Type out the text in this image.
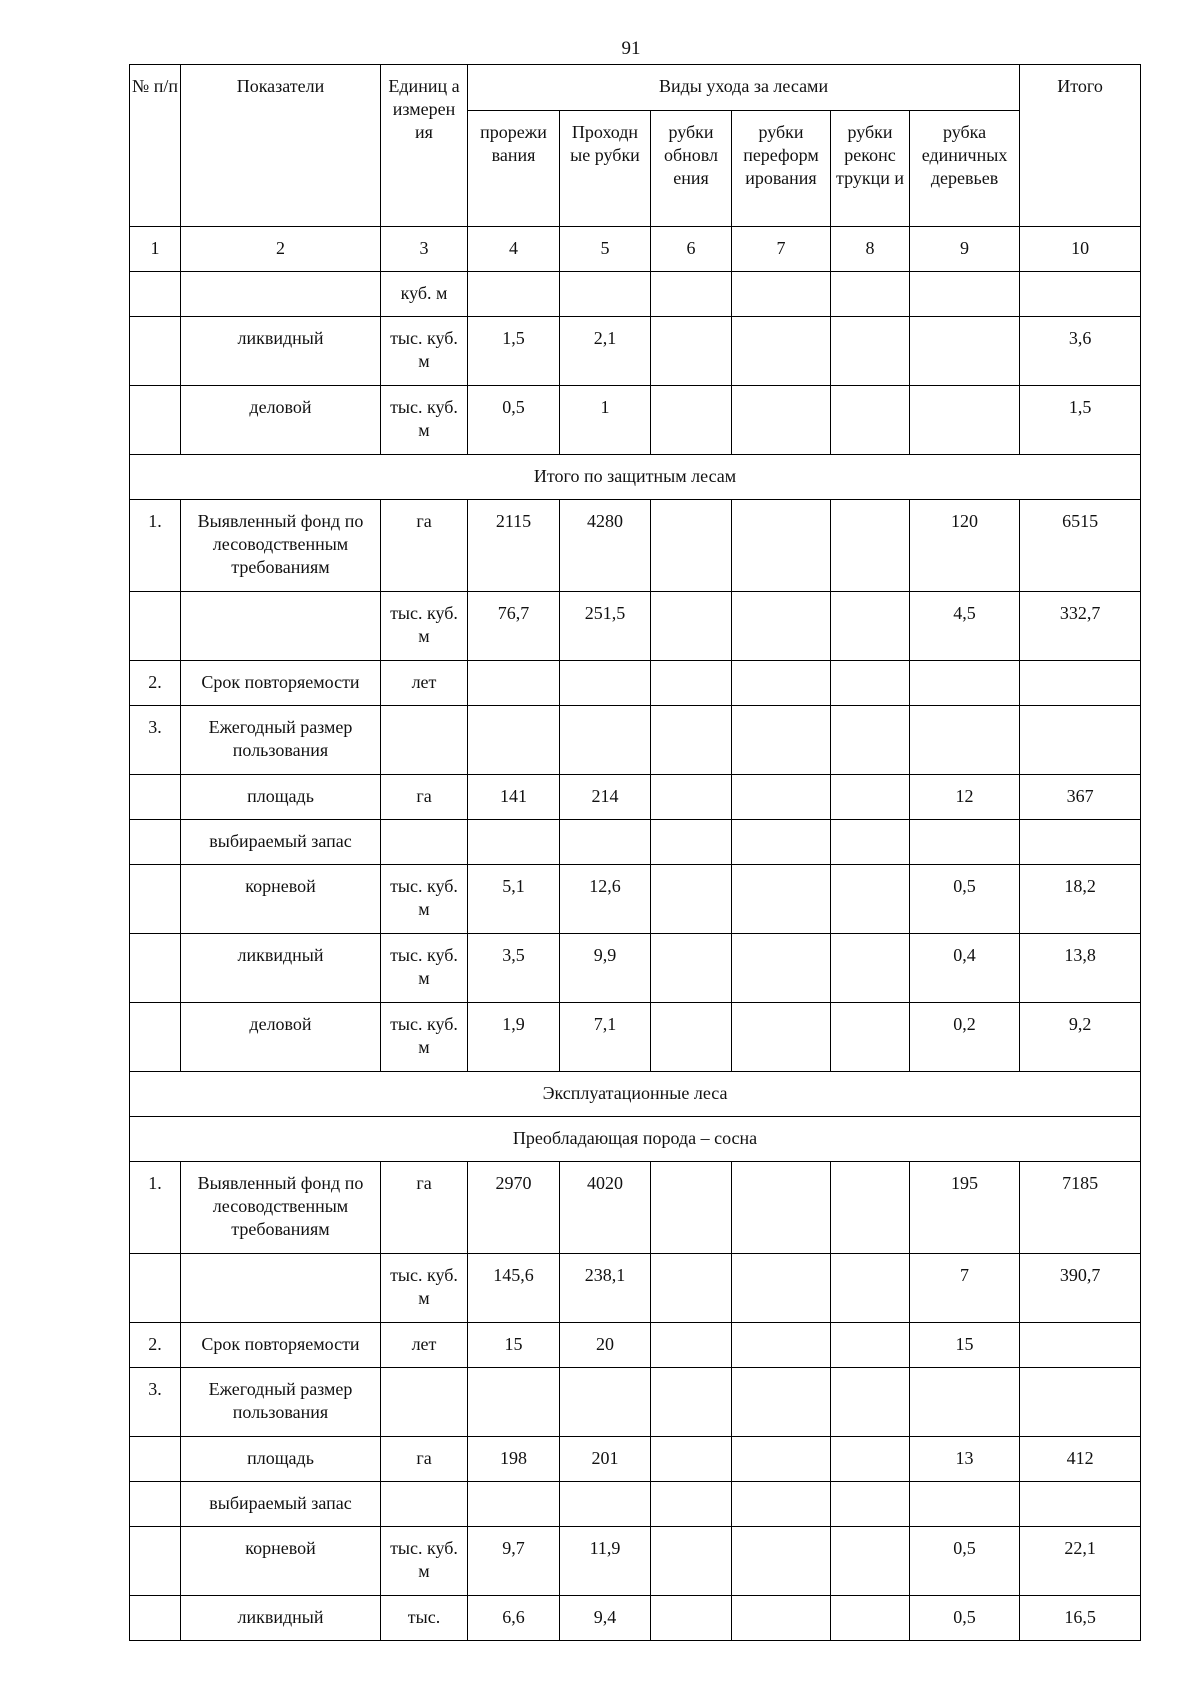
91
№ п/п	Показатели	Единиц а измерен ия	Виды ухода за лесами						Итого
			прорежи вания	Проходн ые рубки	рубки обновл ения	рубки переформ ирования	рубки реконс трукци и	рубка единичных деревьев	
1	2	3	4	5	6	7	8	9	10
		куб. м							
	ликвидный	тыс. куб. м	1,5	2,1					3,6
	деловой	тыс. куб. м	0,5	1					1,5
Итого по защитным лесам									
1.	Выявленный фонд по лесоводственным требованиям	га	2115	4280				120	6515
		тыс. куб. м	76,7	251,5				4,5	332,7
2.	Срок повторяемости	лет							
3.	Ежегодный размер пользования								
	площадь	га	141	214				12	367
	выбираемый запас								
	корневой	тыс. куб. м	5,1	12,6				0,5	18,2
	ликвидный	тыс. куб. м	3,5	9,9				0,4	13,8
	деловой	тыс. куб. м	1,9	7,1				0,2	9,2
Эксплуатационные леса									
Преобладающая порода – сосна									
1.	Выявленный фонд по лесоводственным требованиям	га	2970	4020				195	7185
		тыс. куб. м	145,6	238,1				7	390,7
2.	Срок повторяемости	лет	15	20				15	
3.	Ежегодный размер пользования								
	площадь	га	198	201				13	412
	выбираемый запас								
	корневой	тыс. куб. м	9,7	11,9				0,5	22,1
	ликвидный	тыс.	6,6	9,4				0,5	16,5
